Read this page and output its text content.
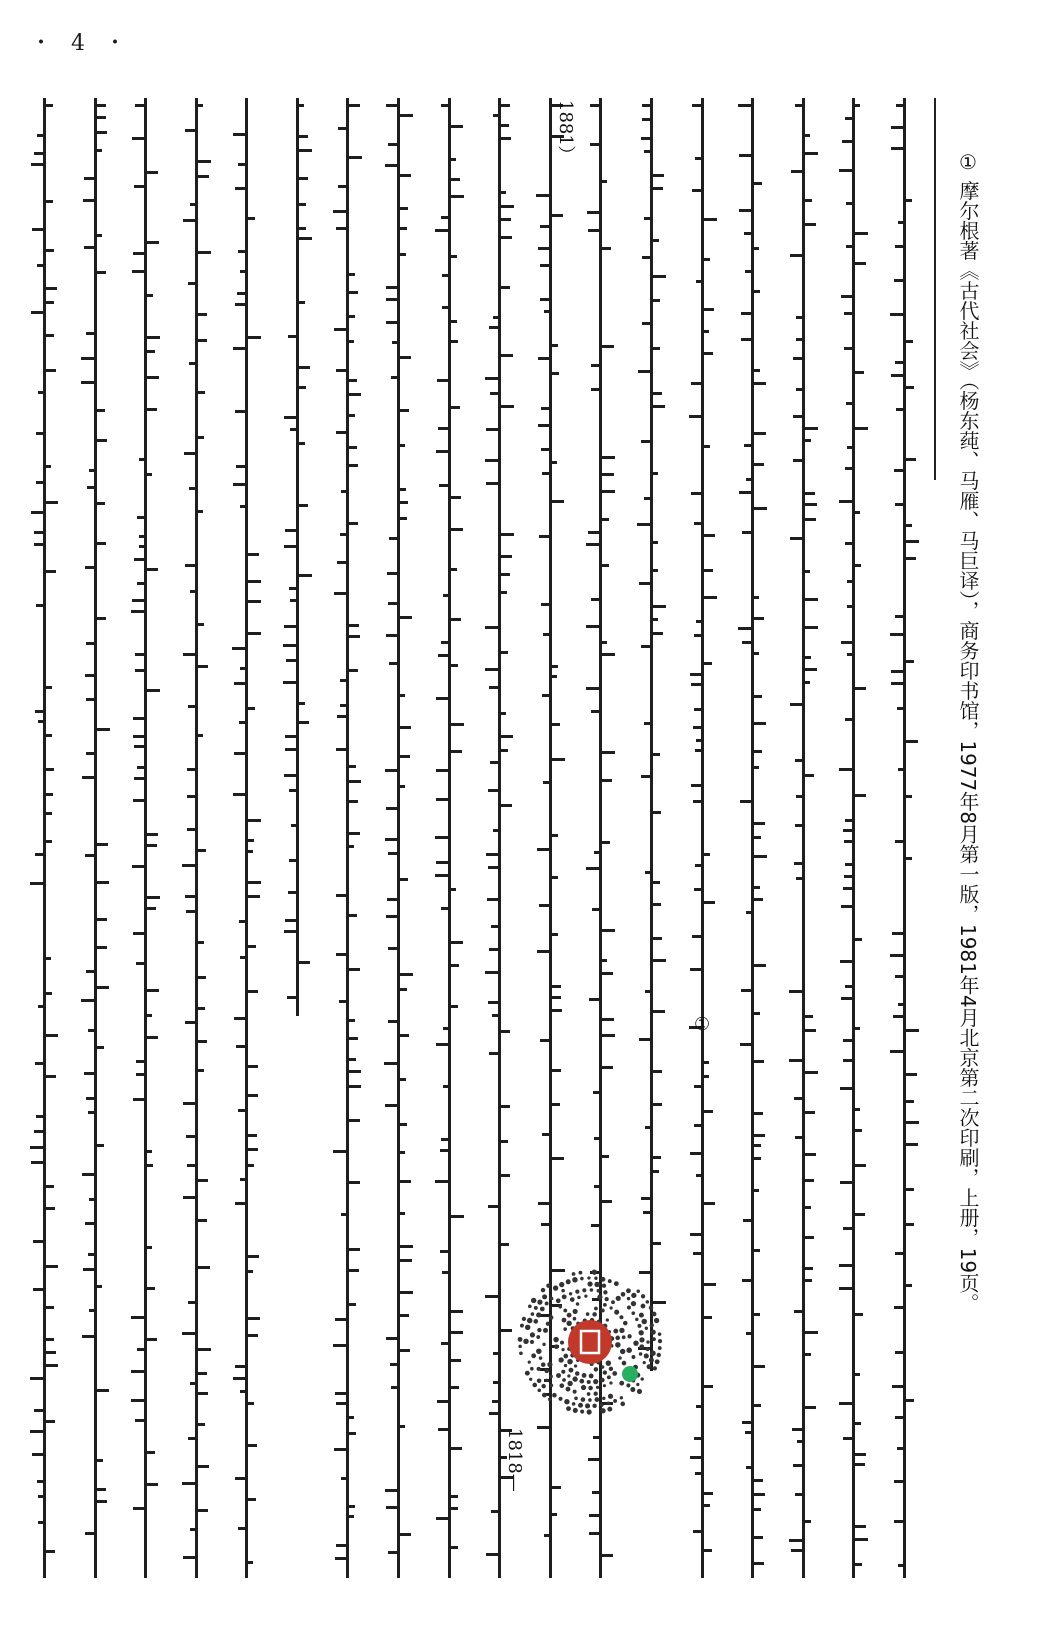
・ 4 ・
① 摩尔根著《古代社会》（杨东莼、马雁、马巨译），商务印书馆，1977年8月第一版，1981年4月北京第二次印刷，上册，19页。
①
1881）
1818—
